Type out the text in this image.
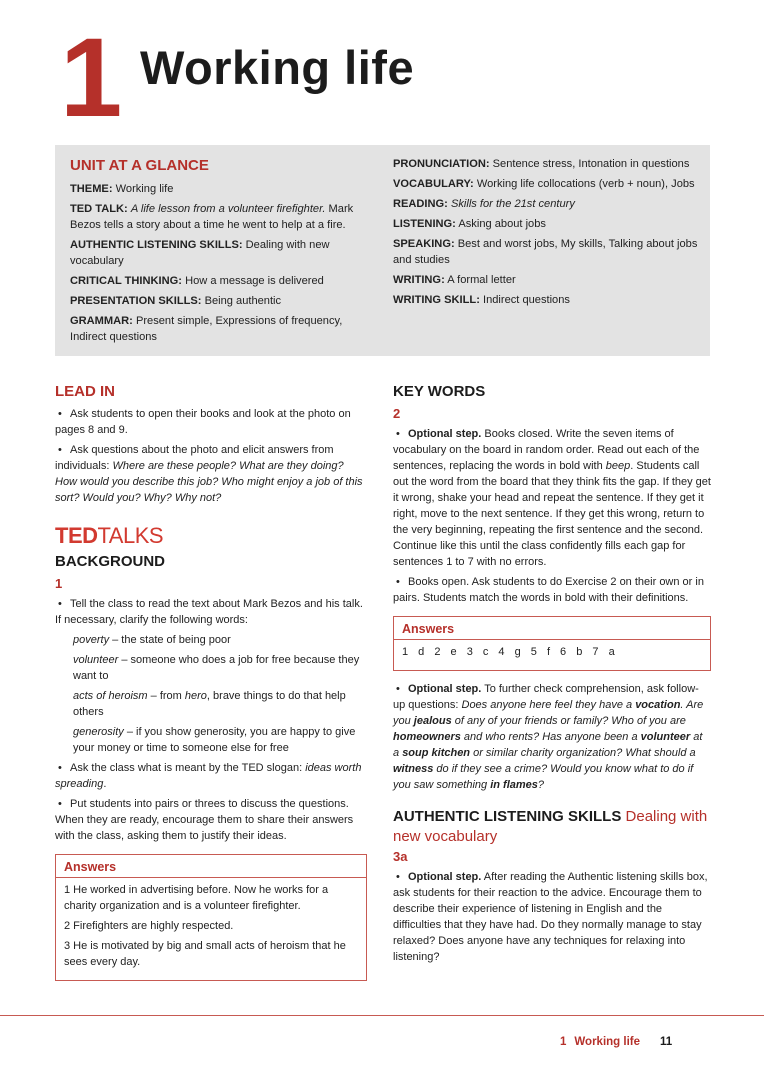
1 Working life
UNIT AT A GLANCE

THEME: Working life

TED TALK: A life lesson from a volunteer firefighter. Mark Bezos tells a story about a time he went to help at a fire.

AUTHENTIC LISTENING SKILLS: Dealing with new vocabulary

CRITICAL THINKING: How a message is delivered

PRESENTATION SKILLS: Being authentic

GRAMMAR: Present simple, Expressions of frequency, Indirect questions

PRONUNCIATION: Sentence stress, Intonation in questions

VOCABULARY: Working life collocations (verb + noun), Jobs

READING: Skills for the 21st century

LISTENING: Asking about jobs

SPEAKING: Best and worst jobs, My skills, Talking about jobs and studies

WRITING: A formal letter

WRITING SKILL: Indirect questions

LEAD IN

• Ask students to open their books and look at the photo on pages 8 and 9.

• Ask questions about the photo and elicit answers from individuals: Where are these people? What are they doing? How would you describe this job? Who might enjoy a job of this sort? Would you? Why? Why not?

TEDTALKS
BACKGROUND
1

• Tell the class to read the text about Mark Bezos and his talk. If necessary, clarify the following words:

poverty – the state of being poor

volunteer – someone who does a job for free because they want to

acts of heroism – from hero, brave things to do that help others

generosity – if you show generosity, you are happy to give your money or time to someone else for free

• Ask the class what is meant by the TED slogan: ideas worth spreading.

• Put students into pairs or threes to discuss the questions. When they are ready, encourage them to share their answers with the class, asking them to justify their ideas.

Answers

1 He worked in advertising before. Now he works for a charity organization and is a volunteer firefighter.

2 Firefighters are highly respected.

3 He is motivated by big and small acts of heroism that he sees every day.

KEY WORDS
2

• Optional step. Books closed. Write the seven items of vocabulary on the board in random order. Read out each of the sentences, replacing the words in bold with beep. Students call out the word from the board that they think fits the gap. If they get it wrong, shake your head and repeat the sentence. If they get it right, move to the next sentence. If they get this wrong, return to the very beginning, repeating the first sentence and the second. Continue like this until the class confidently fills each gap for sentences 1 to 7 with no errors.

• Books open. Ask students to do Exercise 2 on their own or in pairs. Students match the words in bold with their definitions.

Answers

1 d 2 e 3 c 4 g 5 f 6 b 7 a

• Optional step. To further check comprehension, ask follow-up questions: Does anyone here feel they have a vocation. Are you jealous of any of your friends or family? Who of you are homeowners and who rents? Has anyone been a volunteer at a soup kitchen or similar charity organization? What should a witness do if they see a crime? Would you know what to do if you saw something in flames?

AUTHENTIC LISTENING SKILLS Dealing with new vocabulary
3a

• Optional step. After reading the Authentic listening skills box, ask students for their reaction to the advice. Encourage them to describe their experience of listening in English and the difficulties that they have had. Do they normally manage to stay relaxed? Does anyone have any techniques for relaxing into listening?

1 Working life 11
